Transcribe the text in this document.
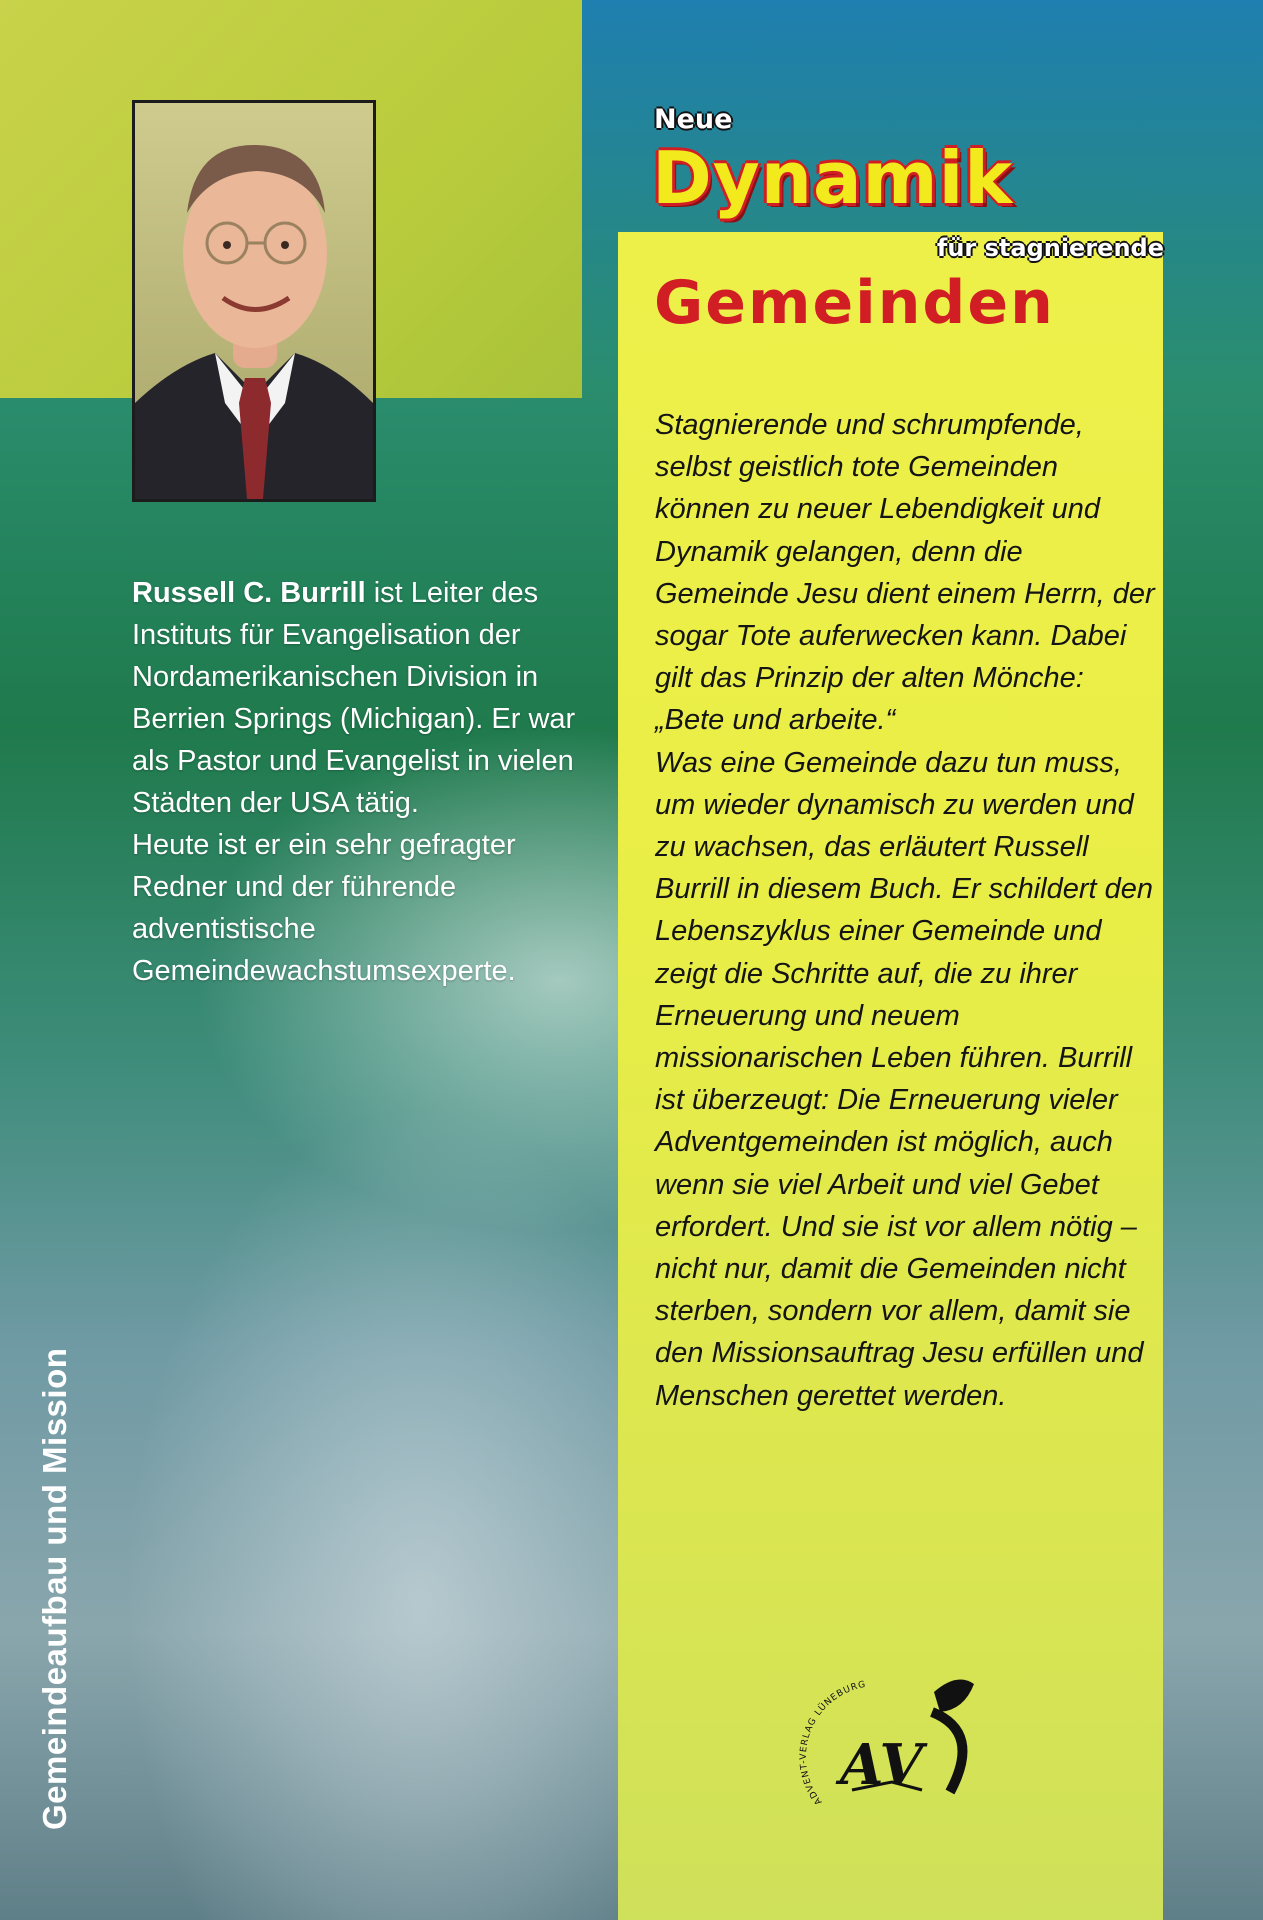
Russell C. Burrill ist Leiter des Instituts für Evangelisation der Nordamerikanischen Division in Berrien Springs (Michigan). Er war als Pastor und Evangelist in vielen Städten der USA tätig.

Heute ist er ein sehr gefragter Redner und der führende adventistische Gemeindewachstumsexperte.

Gemeindeaufbau und Mission
Neue
Dynamik
für stagnierende
Gemeinden

Stagnierende und schrumpfende, selbst geistlich tote Gemeinden können zu neuer Lebendigkeit und Dynamik gelangen, denn die Gemeinde Jesu dient einem Herrn, der sogar Tote auferwecken kann. Dabei gilt das Prinzip der alten Mönche: „Bete und arbeite.“

Was eine Gemeinde dazu tun muss, um wieder dynamisch zu werden und zu wachsen, das erläutert Russell Burrill in diesem Buch. Er schildert den Lebenszyklus einer Gemeinde und zeigt die Schritte auf, die zu ihrer Erneuerung und neuem missionarischen Leben führen. Burrill ist überzeugt: Die Erneuerung vieler Adventgemeinden ist möglich, auch wenn sie viel Arbeit und viel Gebet erfordert. Und sie ist vor allem nötig – nicht nur, damit die Gemeinden nicht sterben, sondern vor allem, damit sie den Missionsauftrag Jesu erfüllen und Menschen gerettet werden.

ADVENT-VERLAG LÜNEBURG
AV
